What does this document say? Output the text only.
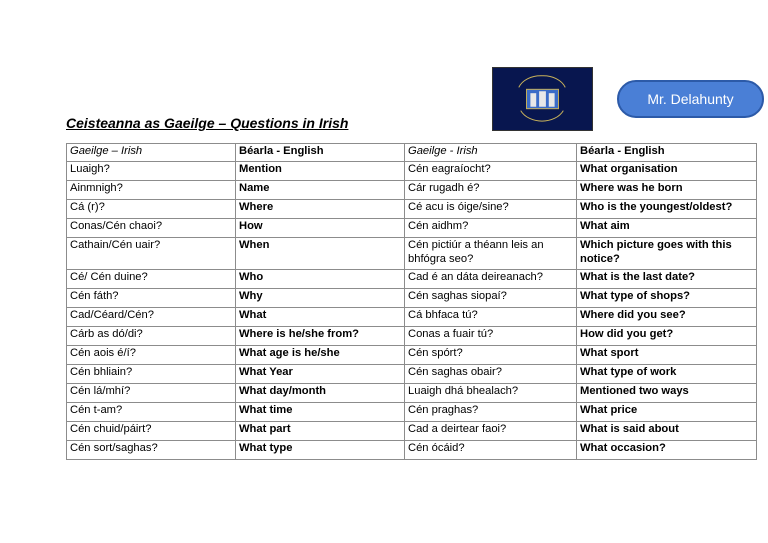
Mr. Delahunty
Ceisteanna as Gaeilge – Questions in Irish
Gaeilge – Irish	Béarla - English	Gaeilge - Irish	Béarla - English
Luaigh?	Mention	Cén eagraíocht?	What organisation
Ainmnigh?	Name	Cár rugadh é?	Where was he born
Cá (r)?	Where	Cé acu is óige/sine?	Who is the youngest/oldest?
Conas/Cén chaoi?	How	Cén aidhm?	What aim
Cathain/Cén uair?	When	Cén pictiúr a théann leis an bhfógra seo?	Which picture goes with this notice?
Cé/ Cén duine?	Who	Cad é an dáta deireanach?	What is the last date?
Cén fáth?	Why	Cén saghas siopaí?	What type of shops?
Cad/Céard/Cén?	What	Cá bhfaca tú?	Where did you see?
Cárb as dó/di?	Where is he/she from?	Conas a fuair tú?	How did you get?
Cén aois é/í?	What age is he/she	Cén spórt?	What sport
Cén bhliain?	What Year	Cén saghas obair?	What type of work
Cén lá/mhí?	What day/month	Luaigh dhá bhealach?	Mentioned two ways
Cén t-am?	What time	Cén praghas?	What price
Cén chuid/páirt?	What part	Cad a deirtear faoi?	What is said about
Cén sort/saghas?	What type	Cén ócáid?	What occasion?
